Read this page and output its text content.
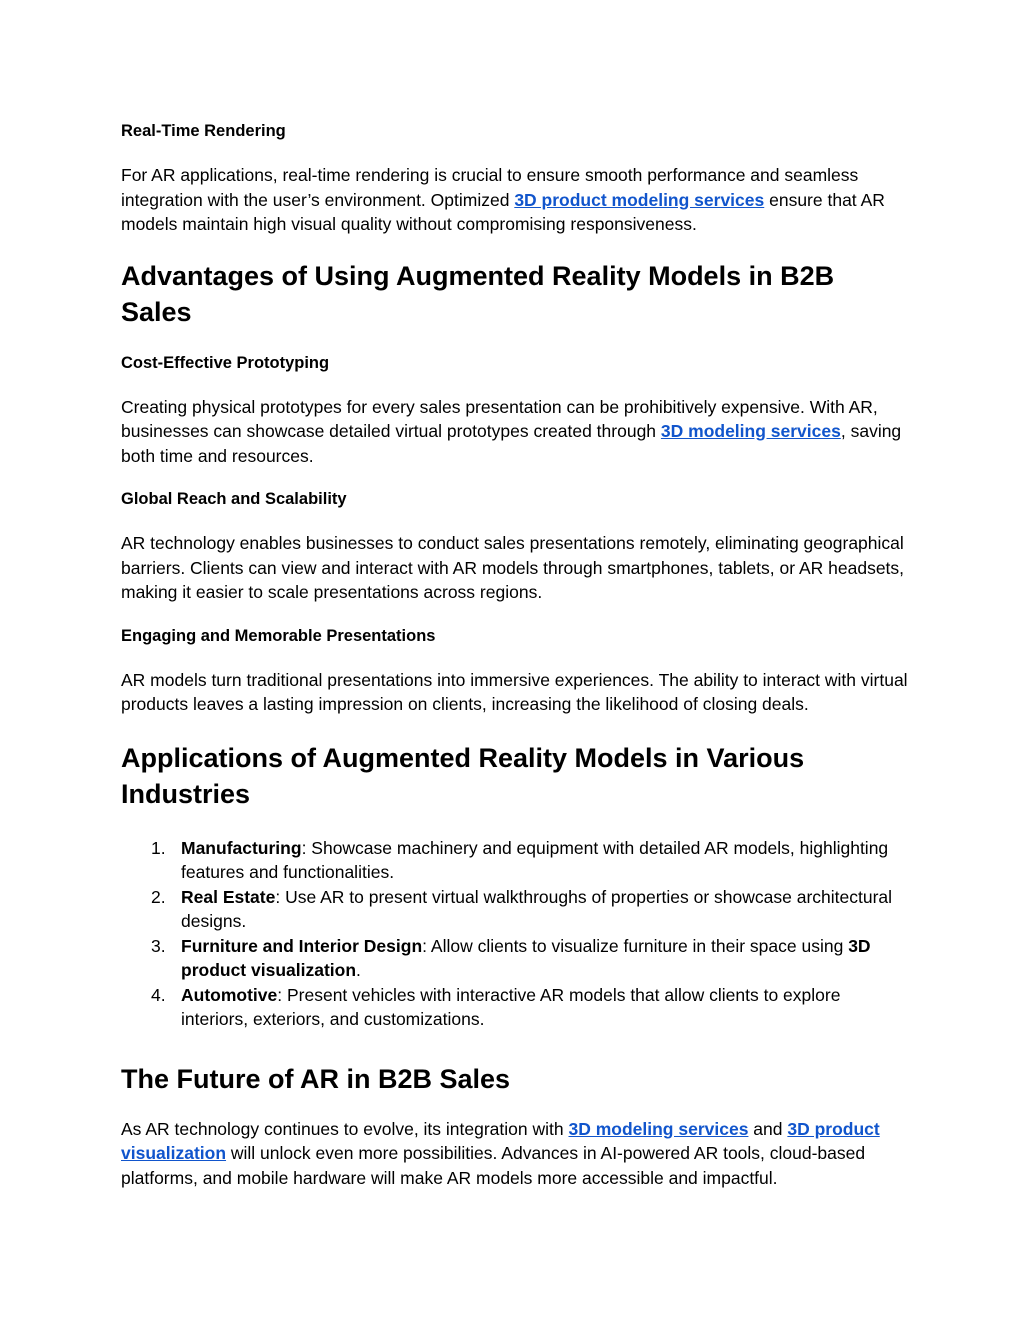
Real-Time Rendering

For AR applications, real-time rendering is crucial to ensure smooth performance and seamless integration with the user’s environment. Optimized 3D product modeling services ensure that AR models maintain high visual quality without compromising responsiveness.

Advantages of Using Augmented Reality Models in B2B Sales
Cost-Effective Prototyping

Creating physical prototypes for every sales presentation can be prohibitively expensive. With AR, businesses can showcase detailed virtual prototypes created through 3D modeling services, saving both time and resources.

Global Reach and Scalability

AR technology enables businesses to conduct sales presentations remotely, eliminating geographical barriers. Clients can view and interact with AR models through smartphones, tablets, or AR headsets, making it easier to scale presentations across regions.

Engaging and Memorable Presentations

AR models turn traditional presentations into immersive experiences. The ability to interact with virtual products leaves a lasting impression on clients, increasing the likelihood of closing deals.

Applications of Augmented Reality Models in Various Industries
1. Manufacturing: Showcase machinery and equipment with detailed AR models, highlighting features and functionalities.
2. Real Estate: Use AR to present virtual walkthroughs of properties or showcase architectural designs.
3. Furniture and Interior Design: Allow clients to visualize furniture in their space using 3D product visualization.
4. Automotive: Present vehicles with interactive AR models that allow clients to explore interiors, exteriors, and customizations.
The Future of AR in B2B Sales

As AR technology continues to evolve, its integration with 3D modeling services and 3D product visualization will unlock even more possibilities. Advances in AI-powered AR tools, cloud-based platforms, and mobile hardware will make AR models more accessible and impactful.
